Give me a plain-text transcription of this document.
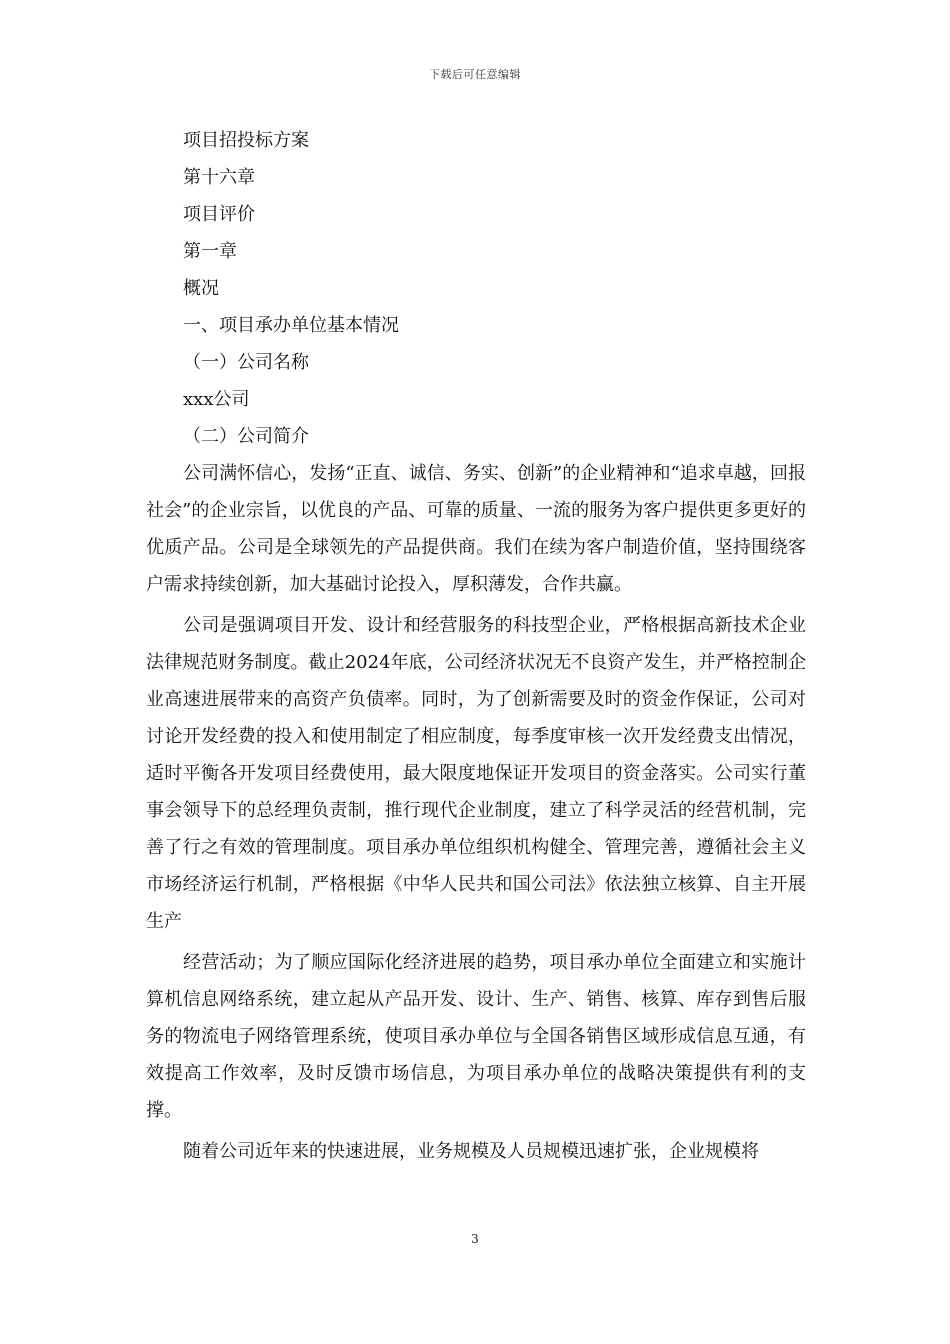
下载后可任意编辑

项目招投标方案

第十六章

项目评价

第一章

概况

一、项目承办单位基本情况

（一）公司名称

xxx公司

（二）公司简介

公司满怀信心，发扬“正直、诚信、务实、创新”的企业精神和“追求卓越，回报社会”的企业宗旨，以优良的产品、可靠的质量、一流的服务为客户提供更多更好的优质产品。公司是全球领先的产品提供商。我们在续为客户制造价值，坚持围绕客户需求持续创新，加大基础讨论投入，厚积薄发，合作共赢。

公司是强调项目开发、设计和经营服务的科技型企业，严格根据高新技术企业法律规范财务制度。截止2024年底，公司经济状况无不良资产发生，并严格控制企业高速进展带来的高资产负债率。同时，为了创新需要及时的资金作保证，公司对讨论开发经费的投入和使用制定了相应制度，每季度审核一次开发经费支出情况，适时平衡各开发项目经费使用，最大限度地保证开发项目的资金落实。公司实行董事会领导下的总经理负责制，推行现代企业制度，建立了科学灵活的经营机制，完善了行之有效的管理制度。项目承办单位组织机构健全、管理完善，遵循社会主义市场经济运行机制，严格根据《中华人民共和国公司法》依法独立核算、自主开展生产

经营活动；为了顺应国际化经济进展的趋势，项目承办单位全面建立和实施计算机信息网络系统，建立起从产品开发、设计、生产、销售、核算、库存到售后服务的物流电子网络管理系统，使项目承办单位与全国各销售区域形成信息互通，有效提高工作效率，及时反馈市场信息，为项目承办单位的战略决策提供有利的支撑。

随着公司近年来的快速进展，业务规模及人员规模迅速扩张，企业规模将

3
